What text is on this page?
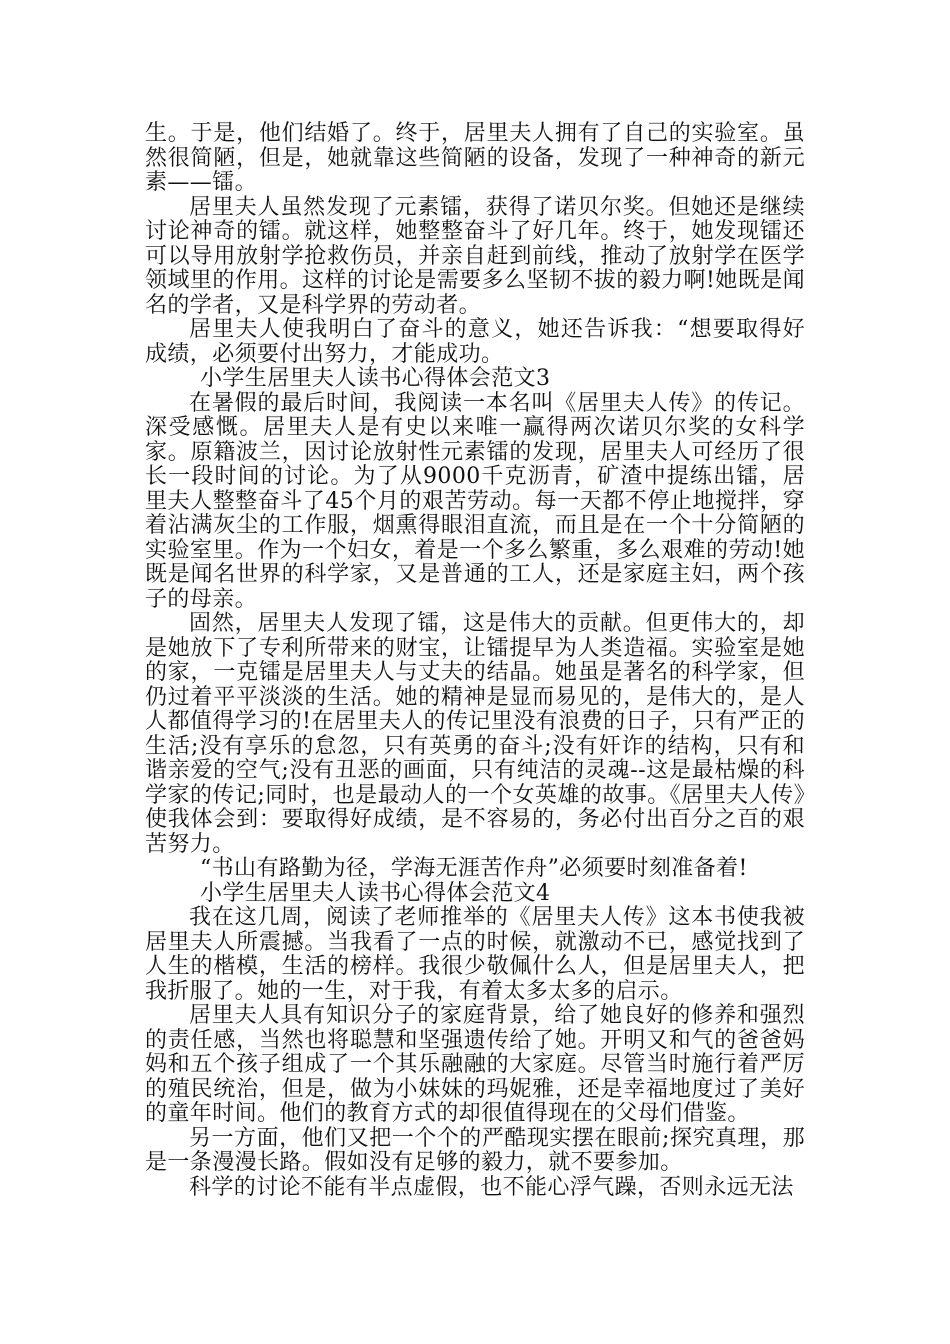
生。于是，他们结婚了。终于，居里夫人拥有了自己的实验室。虽然很简陋，但是，她就靠这些简陋的设备，发现了一种神奇的新元素——镭。

居里夫人虽然发现了元素镭，获得了诺贝尔奖。但她还是继续讨论神奇的镭。就这样，她整整奋斗了好几年。终于，她发现镭还可以导用放射学抢救伤员，并亲自赶到前线，推动了放射学在医学领域里的作用。这样的讨论是需要多么坚韧不拔的毅力啊!她既是闻名的学者，又是科学界的劳动者。

居里夫人使我明白了奋斗的意义，她还告诉我：“想要取得好成绩，必须要付出努力，才能成功。

小学生居里夫人读书心得体会范文3

在暑假的最后时间，我阅读一本名叫《居里夫人传》的传记。深受感慨。居里夫人是有史以来唯一赢得两次诺贝尔奖的女科学家。原籍波兰，因讨论放射性元素镭的发现，居里夫人可经历了很长一段时间的讨论。为了从9000千克沥青，矿渣中提练出镭，居里夫人整整奋斗了45个月的艰苦劳动。每一天都不停止地搅拌，穿着沾满灰尘的工作服，烟熏得眼泪直流，而且是在一个十分简陋的实验室里。作为一个妇女，着是一个多么繁重，多么艰难的劳动!她既是闻名世界的科学家，又是普通的工人，还是家庭主妇，两个孩子的母亲。

固然，居里夫人发现了镭，这是伟大的贡献。但更伟大的，却是她放下了专利所带来的财宝，让镭提早为人类造福。实验室是她的家，一克镭是居里夫人与丈夫的结晶。她虽是著名的科学家，但仍过着平平淡淡的生活。她的精神是显而易见的，是伟大的，是人人都值得学习的!在居里夫人的传记里没有浪费的日子，只有严正的生活;没有享乐的怠忽，只有英勇的奋斗;没有奸诈的结构，只有和谐亲爱的空气;没有丑恶的画面，只有纯洁的灵魂--这是最枯燥的科学家的传记;同时，也是最动人的一个女英雄的故事。《居里夫人传》使我体会到：要取得好成绩，是不容易的，务必付出百分之百的艰苦努力。

“书山有路勤为径，学海无涯苦作舟”必须要时刻准备着!

小学生居里夫人读书心得体会范文4

我在这几周，阅读了老师推举的《居里夫人传》这本书使我被居里夫人所震撼。当我看了一点的时候，就激动不已，感觉找到了人生的楷模，生活的榜样。我很少敬佩什么人，但是居里夫人，把我折服了。她的一生，对于我，有着太多太多的启示。

居里夫人具有知识分子的家庭背景，给了她良好的修养和强烈的责任感，当然也将聪慧和坚强遗传给了她。开明又和气的爸爸妈妈和五个孩子组成了一个其乐融融的大家庭。尽管当时施行着严厉的殖民统治，但是，做为小妹妹的玛妮雅，还是幸福地度过了美好的童年时间。他们的教育方式的却很值得现在的父母们借鉴。

另一方面，他们又把一个个的严酷现实摆在眼前;探究真理，那是一条漫漫长路。假如没有足够的毅力，就不要参加。

科学的讨论不能有半点虚假，也不能心浮气躁，否则永远无法
